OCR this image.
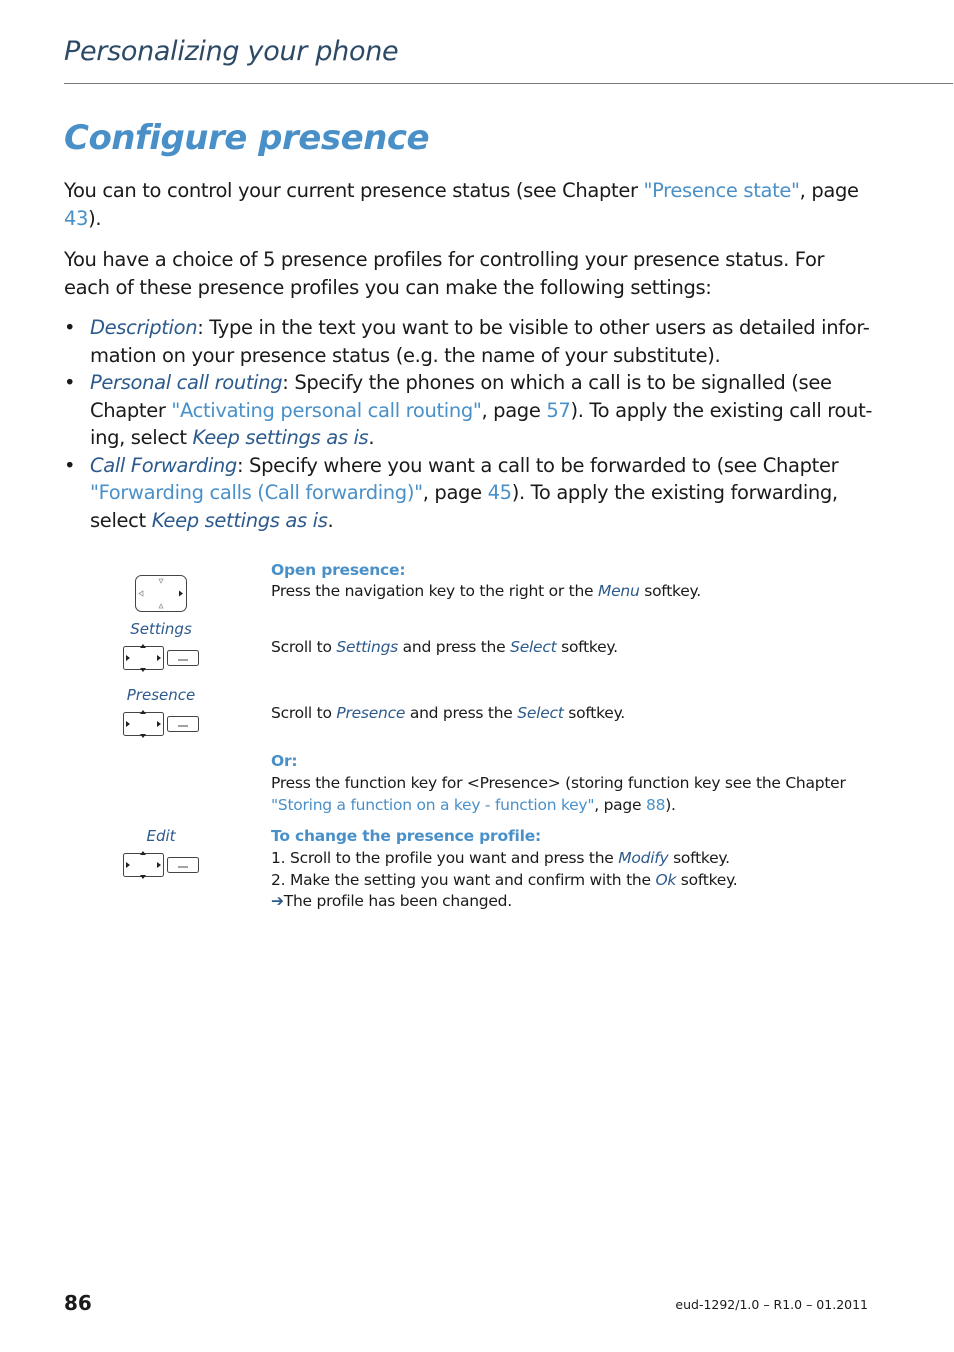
Personalizing your phone
Configure presence
You can to control your current presence status (see Chapter "Presence state", page 43).
You have a choice of 5 presence profiles for controlling your presence status. For each of these presence profiles you can make the following settings:
• Description: Type in the text you want to be visible to other users as detailed infor-mation on your presence status (e.g. the name of your substitute).
• Personal call routing: Specify the phones on which a call is to be signalled (see Chapter "Activating personal call routing", page 57). To apply the existing call rout-ing, select Keep settings as is.
• Call Forwarding: Specify where you want a call to be forwarded to (see Chapter "Forwarding calls (Call forwarding)", page 45). To apply the existing forwarding, select Keep settings as is.
Open presence:
Press the navigation key to the right or the Menu softkey.
Settings
Scroll to Settings and press the Select softkey.
Presence
Scroll to Presence and press the Select softkey.
Or:
Press the function key for <Presence> (storing function key see the Chapter "Storing a function on a key - function key", page 88).
Edit	To change the presence profile:
1. Scroll to the profile you want and press the Modify softkey.
2. Make the setting you want and confirm with the Ok softkey.
➔The profile has been changed.
86	eud-1292/1.0 – R1.0 – 01.2011
